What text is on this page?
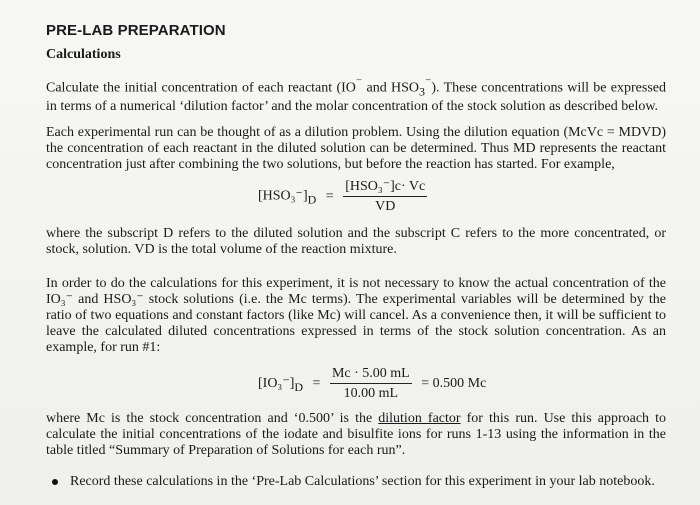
PRE-LAB PREPARATION
Calculations

Calculate the initial concentration of each reactant (IO⁻ and $HSO_3^{^-}$). These concentrations will be expressed in terms of a numerical ‘dilution factor’ and the molar concentration of the stock solution as described below.

Each experimental run can be thought of as a dilution problem. Using the dilution equation (McVc = MDVD) the concentration of each reactant in the diluted solution can be determined. Thus MD represents the reactant concentration just after combining the two solutions, but before the reaction has started. For example,
$[HSO_3^-]_D = \frac{\text{[HSO₃⁻]c· Vc}}{VD}$
where the subscript D refers to the diluted solution and the subscript C refers to the more concentrated, or stock, solution. VD is the total volume of the reaction mixture.
In order to do the calculations for this experiment, it is not necessary to know the actual concentration of the IO₃⁻ and HSO₃⁻ stock solutions (i.e. the Mc terms). The experimental variables will be determined by the ratio of two equations and constant factors (like Mc) will cancel. As a convenience then, it will be sufficient to leave the calculated diluted concentrations expressed in terms of the stock solution concentration. As an example, for run #1:
$[IO_3^-]_D = \frac{Mc \cdot 5.00 mL}{10.00 mL} = 0.500$ Mc

where Mc is the stock concentration and ‘0.500’ is the dilution factor for this run. Use this approach to calculate the initial concentrations of the iodate and bisulfite ions for runs 1-13 using the information in the table titled “Summary of Preparation of Solutions for each run”.

Record these calculations in the ‘Pre-Lab Calculations’ section for this experiment in your lab notebook.
